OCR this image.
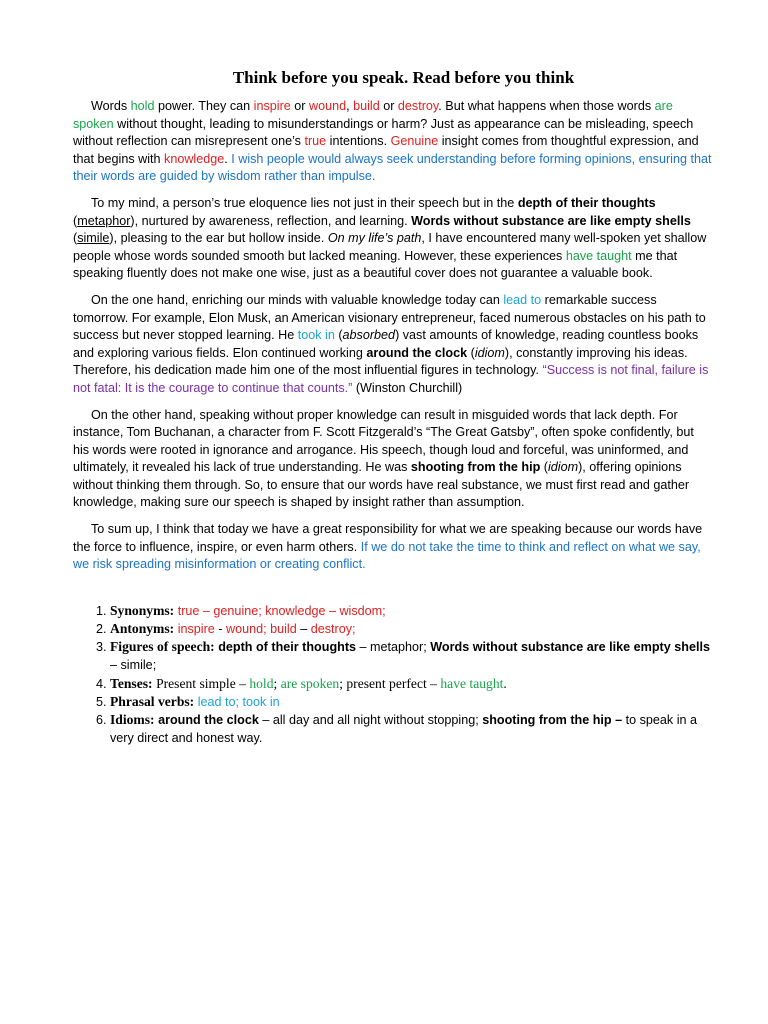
Think before you speak. Read before you think

Words hold power. They can inspire or wound, build or destroy. But what happens when those words are spoken without thought, leading to misunderstandings or harm? Just as appearance can be misleading, speech without reflection can misrepresent one’s true intentions. Genuine insight comes from thoughtful expression, and that begins with knowledge. I wish people would always seek understanding before forming opinions, ensuring that their words are guided by wisdom rather than impulse.

To my mind, a person’s true eloquence lies not just in their speech but in the depth of their thoughts (metaphor), nurtured by awareness, reflection, and learning. Words without substance are like empty shells (simile), pleasing to the ear but hollow inside. On my life’s path, I have encountered many well-spoken yet shallow people whose words sounded smooth but lacked meaning. However, these experiences have taught me that speaking fluently does not make one wise, just as a beautiful cover does not guarantee a valuable book.

On the one hand, enriching our minds with valuable knowledge today can lead to remarkable success tomorrow. For example, Elon Musk, an American visionary entrepreneur, faced numerous obstacles on his path to success but never stopped learning. He took in (absorbed) vast amounts of knowledge, reading countless books and exploring various fields. Elon continued working around the clock (idiom), constantly improving his ideas. Therefore, his dedication made him one of the most influential figures in technology. “Success is not final, failure is not fatal: It is the courage to continue that counts.” (Winston Churchill)

On the other hand, speaking without proper knowledge can result in misguided words that lack depth. For instance, Tom Buchanan, a character from F. Scott Fitzgerald’s “The Great Gatsby”, often spoke confidently, but his words were rooted in ignorance and arrogance. His speech, though loud and forceful, was uninformed, and ultimately, it revealed his lack of true understanding. He was shooting from the hip (idiom), offering opinions without thinking them through. So, to ensure that our words have real substance, we must first read and gather knowledge, making sure our speech is shaped by insight rather than assumption.

To sum up, I think that today we have a great responsibility for what we are speaking because our words have the force to influence, inspire, or even harm others. If we do not take the time to think and reflect on what we say, we risk spreading misinformation or creating conflict.

1. Synonyms: true – genuine; knowledge – wisdom;
2. Antonyms: inspire - wound; build – destroy;
3. Figures of speech: depth of their thoughts – metaphor; Words without substance are like empty shells – simile;
4. Tenses: Present simple – hold; are spoken; present perfect – have taught.
5. Phrasal verbs: lead to; took in
6. Idioms: around the clock – all day and all night without stopping; shooting from the hip – to speak in a very direct and honest way.
